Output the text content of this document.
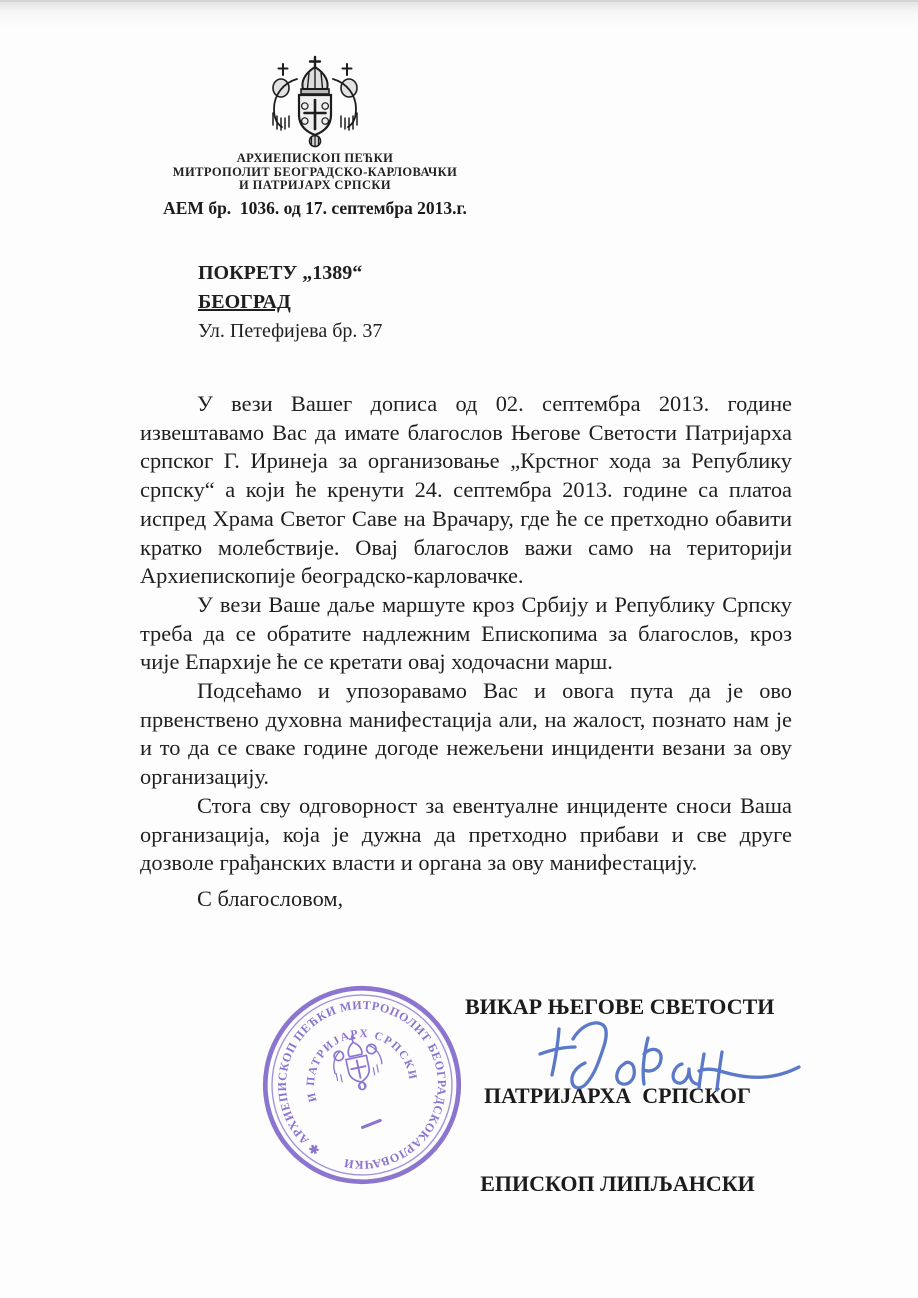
АРХИЕПИСКОП ПЕЋКИ
МИТРОПОЛИТ БЕОГРАДСКО-КАРЛОВАЧКИ
И ПАТРИЈАРХ СРПСКИ
АЕМ бр.  1036. од 17. септембра 2013.г.
ПОКРЕТУ „1389“
БЕОГРАД
Ул. Петефијева бр. 37

У вези Вашег дописа од 02. септембра 2013. године извештавамо Вас да имате благослов Његове Светости Патријарха српског Г. Иринеја за организовање „Крстног хода за Републику српску“ а који ће кренути 24. септембра 2013. године са платоа испред Храма Светог Саве на Врачару, где ће се претходно обавити кратко молебствије. Овај благослов важи само на територији Архиепископије београдско-карловачке.

У вези Ваше даље маршуте кроз Србију и Републику Српску треба да се обратите надлежним Епископима за благослов, кроз чије Епархије ће се кретати овај ходочасни марш.

Подсећамо и упозоравамо Вас и овога пута да је ово првенствено духовна манифестација али, на жалост, познато нам је и то да се сваке године догоде нежељени инциденти везани за ову организацију.

Стога сву одговорност за евентуалне инциденте сноси Ваша организација, која је дужна да претходно прибави и све друге дозволе грађанских власти и органа за ову манифестацију.

С благословом,

ВИКАР ЊЕГОВЕ СВЕТОСТИ

ПАТРИЈАРХА  СРПСКОГ

ЕПИСКОП ЛИПЉАНСКИ

✱ АРХИЕПИСКОП ПЕЋКИ МИТРОПОЛИТ БЕОГРАДСКОКАРЛОВАЧКИ
И ПАТРИЈАРХ СРПСКИ
